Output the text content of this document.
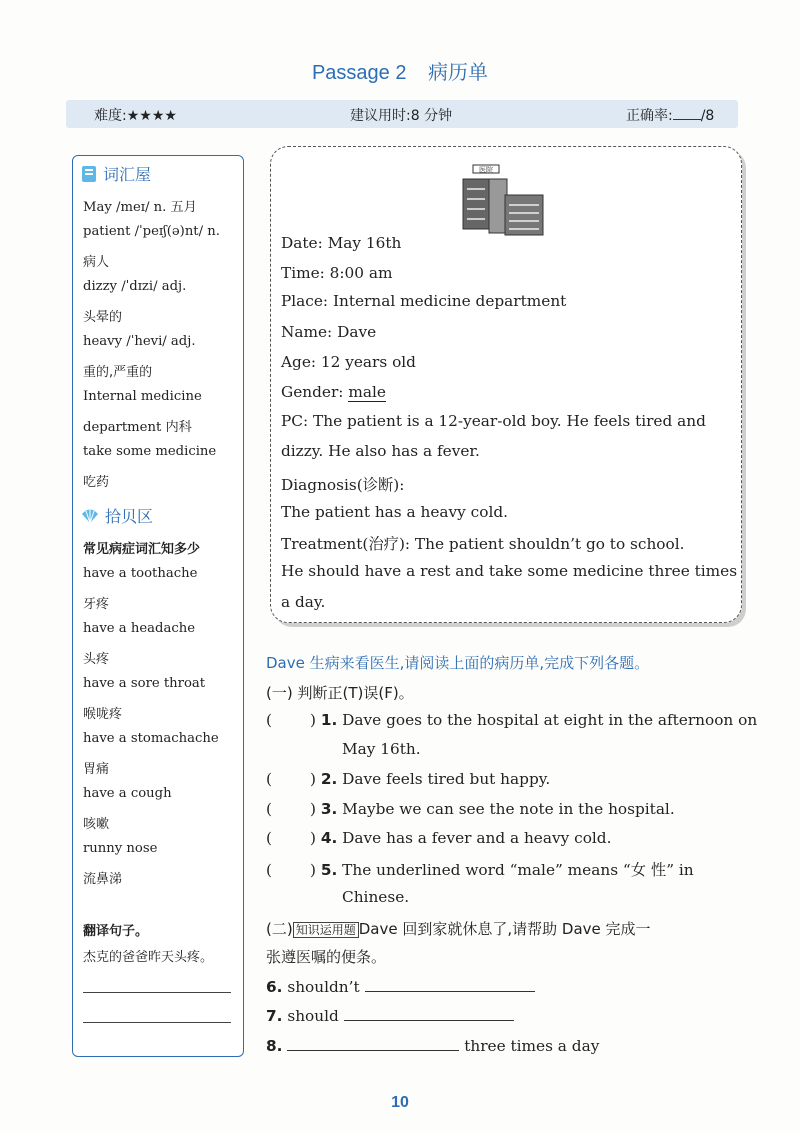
Passage 2 病历单
难度:★★★★	建议用时:8 分钟	正确率: /8
词汇屋
May /meɪ/ n. 五月
patient /ˈpeɪʃ(ə)nt/ n.
病人
dizzy /ˈdɪzi/ adj.
头晕的
heavy /ˈhevi/ adj.
重的,严重的
Internal medicine
department 内科
take some medicine
吃药
拾贝区
常见病症词汇知多少
have a toothache
牙疼
have a headache
头疼
have a sore throat
喉咙疼
have a stomachache
胃痛
have a cough
咳嗽
runny nose
流鼻涕
翻译句子。
杰克的爸爸昨天头疼。
医院
Date: May 16th
Time: 8:00 am
Place: Internal medicine department
Name: Dave
Age: 12 years old
Gender: male
PC: The patient is a 12-year-old boy. He feels tired and
dizzy. He also has a fever.
Diagnosis(诊断):
The patient has a heavy cold.
Treatment(治疗): The patient shouldn’t go to school.
He should have a rest and take some medicine three times
a day.
Dave 生病来看医生,请阅读上面的病历单,完成下列各题。
(一) 判断正(T)误(F)。
( ) 1. Dave goes to the hospital at eight in the afternoon on
May 16th.
( ) 2. Dave feels tired but happy.
( ) 3. Maybe we can see the note in the hospital.
( ) 4. Dave has a fever and a heavy cold.
( ) 5. The underlined word “male” means “女 性” in
Chinese.
(二) 知识运用题 Dave 回到家就休息了,请帮助 Dave 完成一
张遵医嘱的便条。
6. shouldn’t
7. should
8.	three times a day
10
